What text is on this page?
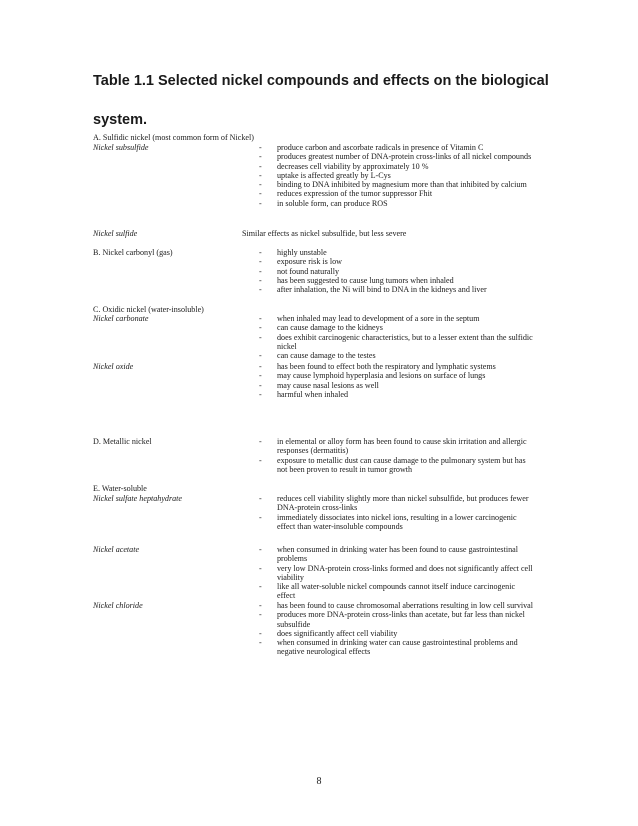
Table 1.1 Selected nickel compounds and effects on the biological
system.

A. Sulfidic nickel (most common form of Nickel)

Nickel subsulfide	- produce carbon and ascorbate radicals in presence of Vitamin C
- produces greatest number of DNA-protein cross-links of all nickel compounds
- decreases cell viability by approximately 10 %
- uptake is affected greatly by L-Cys
- binding to DNA inhibited by magnesium more than that inhibited by calcium
- reduces expression of the tumor suppressor Fhit
- in soluble form, can produce ROS

Nickel sulfide	Similar effects as nickel subsulfide, but less severe

B. Nickel carbonyl (gas)	- highly unstable
- exposure risk is low
- not found naturally
- has been suggested to cause lung tumors when inhaled
- after inhalation, the Ni will bind to DNA in the kidneys and liver

C. Oxidic nickel (water-insoluble)

Nickel carbonate	- when inhaled may lead to development of a sore in the septum
- can cause damage to the kidneys
- does exhibit carcinogenic characteristics, but to a lesser extent than the sulfidic
nickel
- can cause damage to the testes

Nickel oxide	- has been found to effect both the respiratory and lymphatic systems
- may cause lymphoid hyperplasia and lesions on surface of lungs
- may cause nasal lesions as well
- harmful when inhaled

D. Metallic nickel	- in elemental or alloy form has been found to cause skin irritation and allergic
responses (dermatitis)
- exposure to metallic dust can cause damage to the pulmonary system but has
not been proven to result in tumor growth

E. Water-soluble

Nickel sulfate heptahydrate	- reduces cell viability slightly more than nickel subsulfide, but produces fewer
DNA-protein cross-links
- immediately dissociates into nickel ions, resulting in a lower carcinogenic
effect than water-insoluble compounds

Nickel acetate	- when consumed in drinking water has been found to cause gastrointestinal
problems
- very low DNA-protein cross-links formed and does not significantly affect cell
viability
- like all water-soluble nickel compounds cannot itself induce carcinogenic
effect

Nickel chloride	- has been found to cause chromosomal aberrations resulting in low cell survival
- produces more DNA-protein cross-links than acetate, but far less than nickel
subsulfide
- does significantly affect cell viability
- when consumed in drinking water can cause gastrointestinal problems and
negative neurological effects

8
